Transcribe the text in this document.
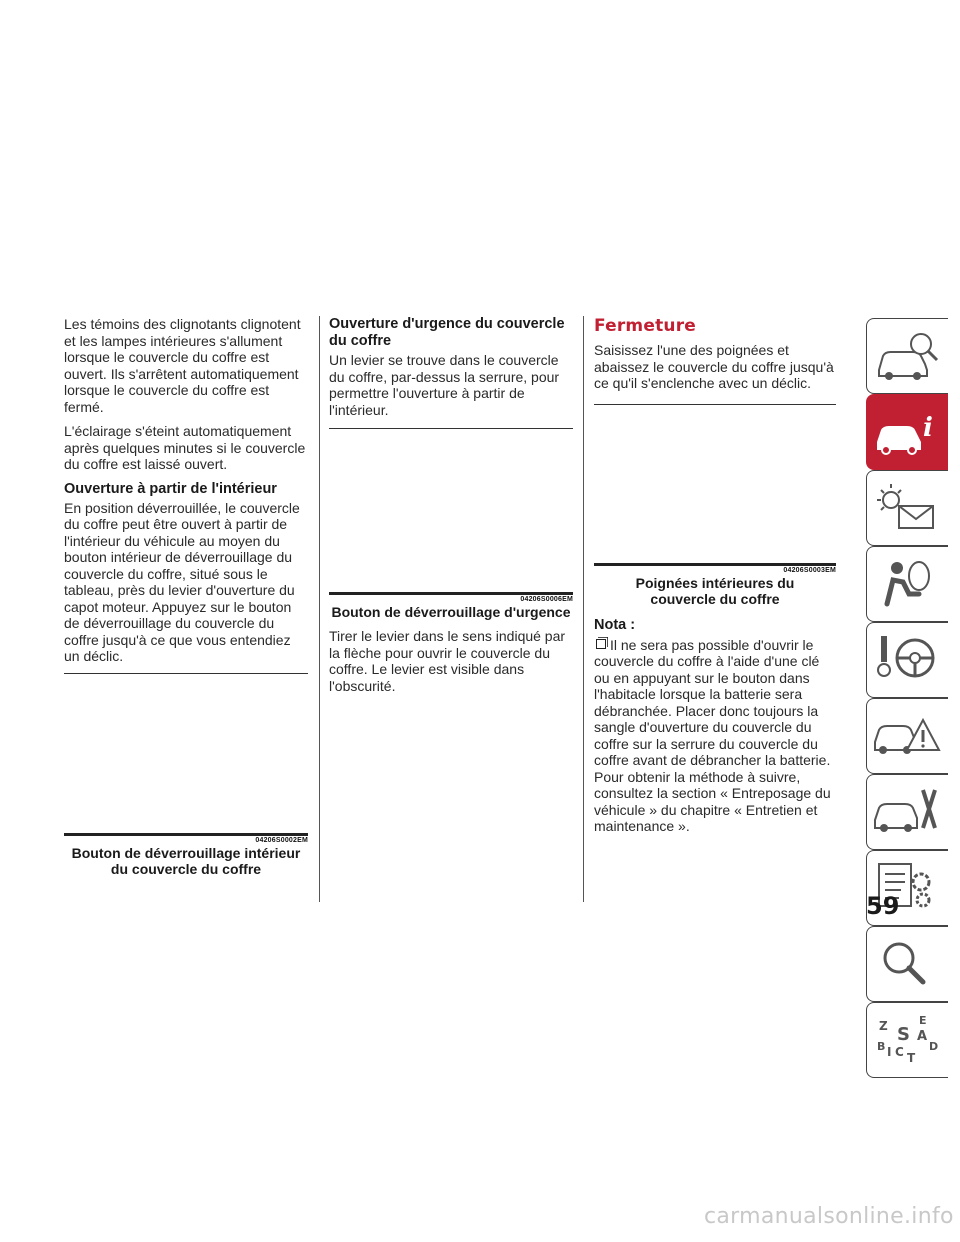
Les témoins des clignotants clignotent et les lampes intérieures s'allument lorsque le couvercle du coffre est ouvert. Ils s'arrêtent automatiquement lorsque le couvercle du coffre est fermé.

L'éclairage s'éteint automatiquement après quelques minutes si le couvercle du coffre est laissé ouvert.

Ouverture à partir de l'intérieur

En position déverrouillée, le couvercle du coffre peut être ouvert à partir de l'intérieur du véhicule au moyen du bouton intérieur de déverrouillage du couvercle du coffre, situé sous le tableau, près du levier d'ouverture du capot moteur. Appuyez sur le bouton de déverrouillage du couvercle du coffre jusqu'à ce que vous entendiez un déclic.

04206S0002EM
Bouton de déverrouillage intérieur du couvercle du coffre
Ouverture d'urgence du couvercle du coffre

Un levier se trouve dans le couvercle du coffre, par-dessus la serrure, pour permettre l'ouverture à partir de l'intérieur.

04206S0006EM
Bouton de déverrouillage d'urgence

Tirer le levier dans le sens indiqué par la flèche pour ouvrir le couvercle du coffre. Le levier est visible dans l'obscurité.

Fermeture

Saisissez l'une des poignées et abaissez le couvercle du coffre jusqu'à ce qu'il s'enclenche avec un déclic.

04206S0003EM
Poignées intérieures du couvercle du coffre
Nota :

Il ne sera pas possible d'ouvrir le couvercle du coffre à l'aide d'une clé ou en appuyant sur le bouton dans l'habitacle lorsque la batterie sera débranchée. Placer donc toujours la sangle d'ouverture du couvercle du coffre sur la serrure du couvercle du coffre avant de débrancher la batterie. Pour obtenir la méthode à suivre, consultez la section « Entreposage du véhicule » du chapitre « Entretien et maintenance ».

i
Z	E
S A
B	D
I C T
59
carmanualsonline.info
